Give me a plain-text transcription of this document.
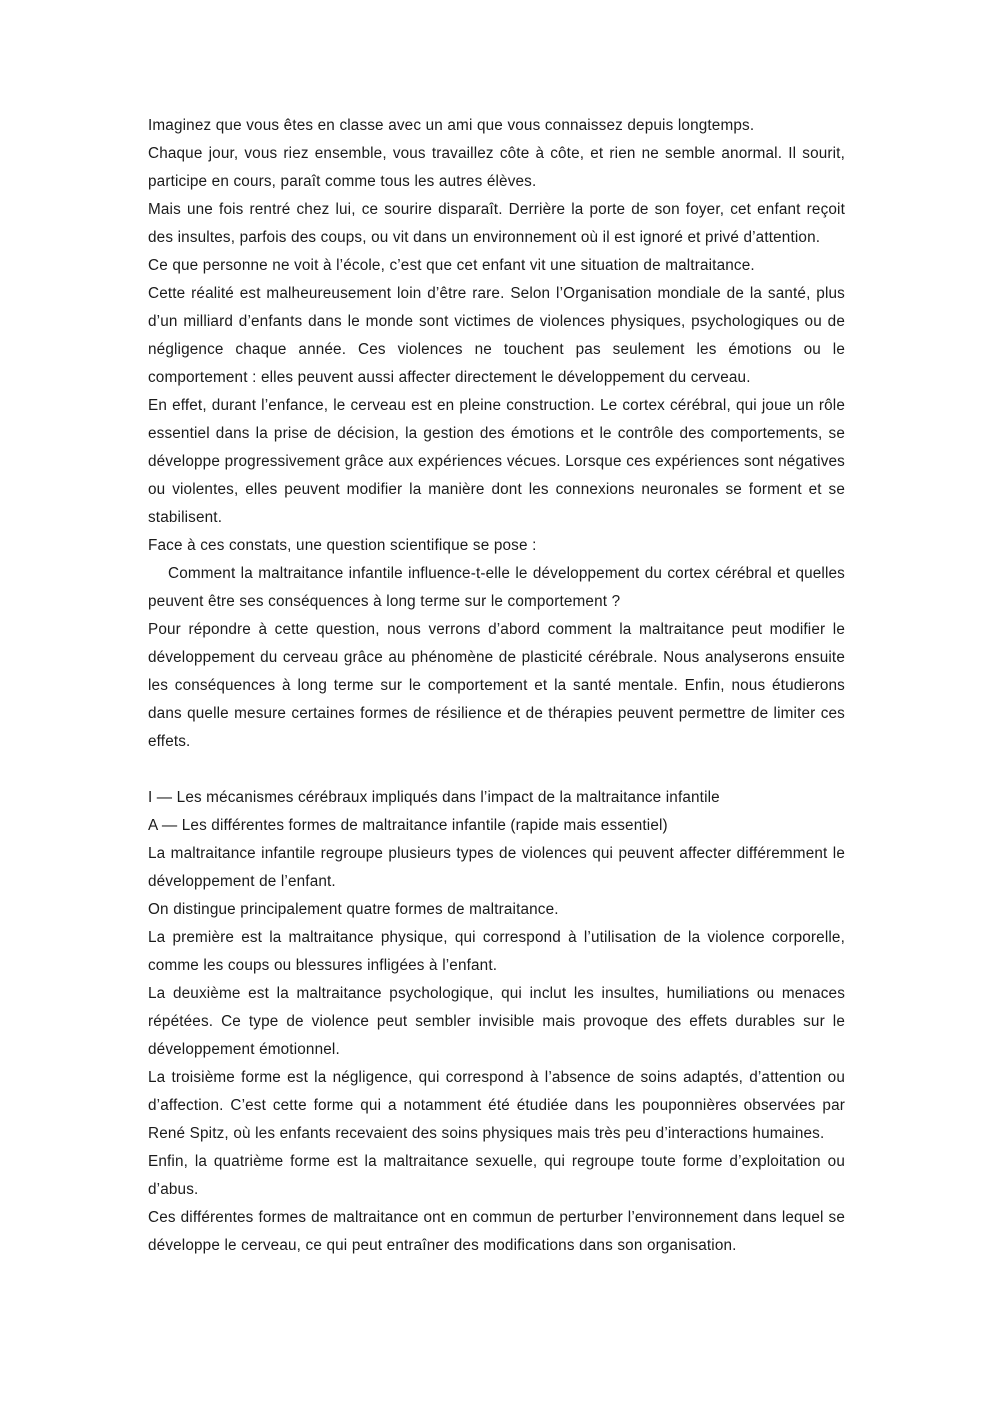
Imaginez que vous êtes en classe avec un ami que vous connaissez depuis longtemps.

Chaque jour, vous riez ensemble, vous travaillez côte à côte, et rien ne semble anormal. Il sourit, participe en cours, paraît comme tous les autres élèves.

Mais une fois rentré chez lui, ce sourire disparaît. Derrière la porte de son foyer, cet enfant reçoit des insultes, parfois des coups, ou vit dans un environnement où il est ignoré et privé d’attention.

Ce que personne ne voit à l’école, c’est que cet enfant vit une situation de maltraitance.

Cette réalité est malheureusement loin d’être rare. Selon l’Organisation mondiale de la santé, plus d’un milliard d’enfants dans le monde sont victimes de violences physiques, psychologiques ou de négligence chaque année. Ces violences ne touchent pas seulement les émotions ou le comportement : elles peuvent aussi affecter directement le développement du cerveau.

En effet, durant l’enfance, le cerveau est en pleine construction. Le cortex cérébral, qui joue un rôle essentiel dans la prise de décision, la gestion des émotions et le contrôle des comportements, se développe progressivement grâce aux expériences vécues. Lorsque ces expériences sont négatives ou violentes, elles peuvent modifier la manière dont les connexions neuronales se forment et se stabilisent.

Face à ces constats, une question scientifique se pose :

Comment la maltraitance infantile influence-t-elle le développement du cortex cérébral et quelles peuvent être ses conséquences à long terme sur le comportement ?

Pour répondre à cette question, nous verrons d’abord comment la maltraitance peut modifier le développement du cerveau grâce au phénomène de plasticité cérébrale. Nous analyserons ensuite les conséquences à long terme sur le comportement et la santé mentale. Enfin, nous étudierons dans quelle mesure certaines formes de résilience et de thérapies peuvent permettre de limiter ces effets.

I — Les mécanismes cérébraux impliqués dans l’impact de la maltraitance infantile

A — Les différentes formes de maltraitance infantile (rapide mais essentiel)

La maltraitance infantile regroupe plusieurs types de violences qui peuvent affecter différemment le développement de l’enfant.

On distingue principalement quatre formes de maltraitance.

La première est la maltraitance physique, qui correspond à l’utilisation de la violence corporelle, comme les coups ou blessures infligées à l’enfant.

La deuxième est la maltraitance psychologique, qui inclut les insultes, humiliations ou menaces répétées. Ce type de violence peut sembler invisible mais provoque des effets durables sur le développement émotionnel.

La troisième forme est la négligence, qui correspond à l’absence de soins adaptés, d’attention ou d’affection. C’est cette forme qui a notamment été étudiée dans les pouponnières observées par René Spitz, où les enfants recevaient des soins physiques mais très peu d’interactions humaines.

Enfin, la quatrième forme est la maltraitance sexuelle, qui regroupe toute forme d’exploitation ou d’abus.

Ces différentes formes de maltraitance ont en commun de perturber l’environnement dans lequel se développe le cerveau, ce qui peut entraîner des modifications dans son organisation.
